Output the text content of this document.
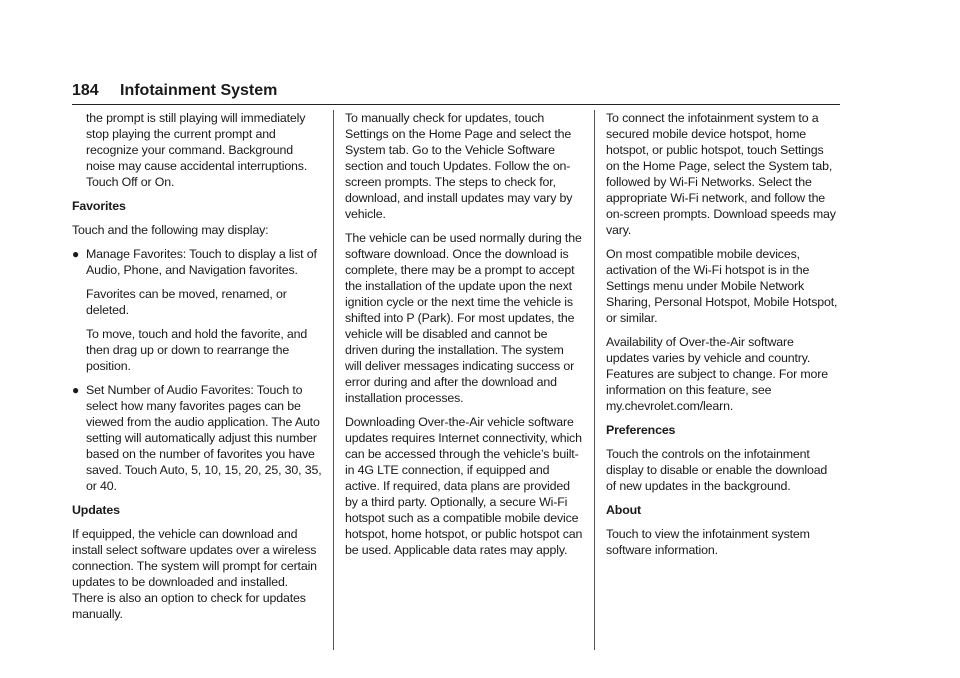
184 Infotainment System

the prompt is still playing will immediately stop playing the current prompt and recognize your command. Background noise may cause accidental interruptions. Touch Off or On.

Favorites

Touch and the following may display:

● Manage Favorites: Touch to display a list of Audio, Phone, and Navigation favorites.

Favorites can be moved, renamed, or deleted.

To move, touch and hold the favorite, and then drag up or down to rearrange the position.

● Set Number of Audio Favorites: Touch to select how many favorites pages can be viewed from the audio application. The Auto setting will automatically adjust this number based on the number of favorites you have saved. Touch Auto, 5, 10, 15, 20, 25, 30, 35, or 40.
Updates

If equipped, the vehicle can download and install select software updates over a wireless connection. The system will prompt for certain updates to be downloaded and installed. There is also an option to check for updates manually.

To manually check for updates, touch Settings on the Home Page and select the System tab. Go to the Vehicle Software section and touch Updates. Follow the on-screen prompts. The steps to check for, download, and install updates may vary by vehicle.

The vehicle can be used normally during the software download. Once the download is complete, there may be a prompt to accept the installation of the update upon the next ignition cycle or the next time the vehicle is shifted into P (Park). For most updates, the vehicle will be disabled and cannot be driven during the installation. The system will deliver messages indicating success or error during and after the download and installation processes.

Downloading Over-the-Air vehicle software updates requires Internet connectivity, which can be accessed through the vehicle’s built-in 4G LTE connection, if equipped and active. If required, data plans are provided by a third party. Optionally, a secure Wi-Fi hotspot such as a compatible mobile device hotspot, home hotspot, or public hotspot can be used. Applicable data rates may apply.

To connect the infotainment system to a secured mobile device hotspot, home hotspot, or public hotspot, touch Settings on the Home Page, select the System tab, followed by Wi-Fi Networks. Select the appropriate Wi-Fi network, and follow the on-screen prompts. Download speeds may vary.

On most compatible mobile devices, activation of the Wi-Fi hotspot is in the Settings menu under Mobile Network Sharing, Personal Hotspot, Mobile Hotspot, or similar.

Availability of Over-the-Air software updates varies by vehicle and country. Features are subject to change. For more information on this feature, see my.chevrolet.com/learn.

Preferences

Touch the controls on the infotainment display to disable or enable the download of new updates in the background.

About

Touch to view the infotainment system software information.
